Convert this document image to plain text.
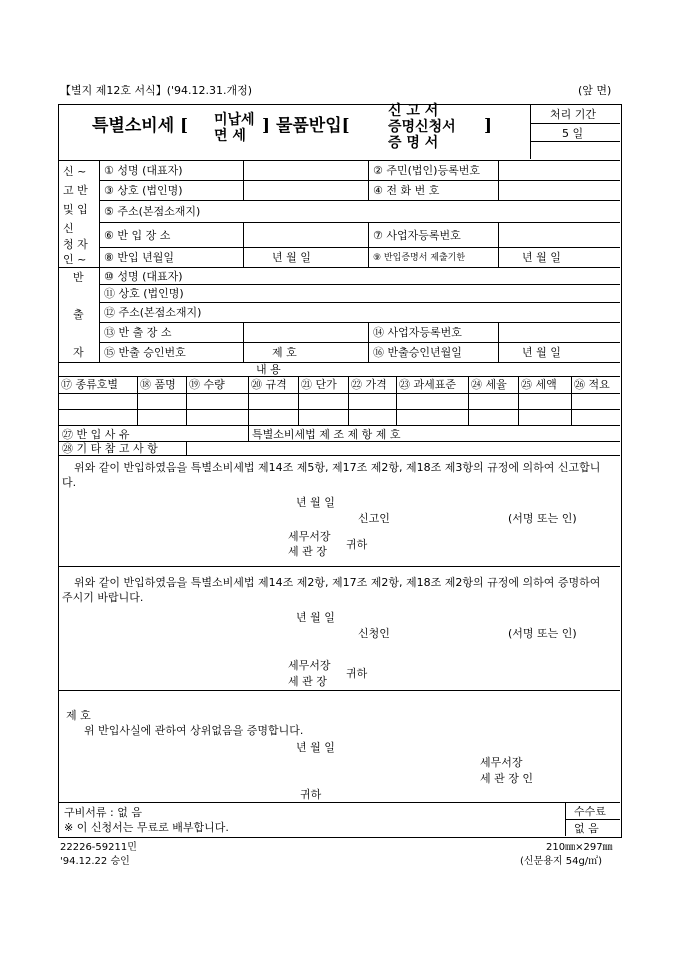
【별지 제12호 서식】('94.12.31.개정)	(앞 면)
특별소비세 [ 미납세
면 세 ] 물품반입[
신 고 서
증명신청서
증 명 서
]
처리 기간
5 일
신 ~
고 반
및 입
신
청 자
인 ~
① 성명 (대표자)	② 주민(법인)등록번호
③ 상호 (법인명)	④ 전 화 번 호
⑤ 주소(본점소재지)
⑥ 반 입 장 소	⑦ 사업자등록번호
⑧ 반입 년월일	년 월 일	⑨ 반입증명서 제출기한	년 월 일
반
출
자
⑩ 성명 (대표자)
⑪ 상호 (법인명)
⑫ 주소(본점소재지)
⑬ 반 출 장 소	⑭ 사업자등록번호
⑮ 반출 승인번호	제 호	⑯ 반출승인년월일	년 월 일
내 용
⑰ 종류호별 ⑱ 품명 ⑲ 수량 ⑳ 규격 ㉑ 단가 ㉒ 가격 ㉓ 과세표준 ㉔ 세율 ㉕ 세액 ㉖ 적요
㉗ 반 입 사 유	특별소비세법 제 조 제 항 제 호
㉘ 기 타 참 고 사 항
위와 같이 반입하였음을 특별소비세법 제14조 제5항, 제17조 제2항, 제18조 제3항의 규정에 의하여 신고합니다.
년 월 일
신고인	(서명 또는 인)
세무서장
세 관 장
귀하
위와 같이 반입하였음을 특별소비세법 제14조 제2항, 제17조 제2항, 제18조 제2항의 규정에 의하여 증명하여 주시기 바랍니다.
년 월 일
신청인	(서명 또는 인)
세무서장
세 관 장
귀하
제 호
위 반입사실에 관하여 상위없음을 증명합니다.
년 월 일
세무서장
세 관 장 인
귀하
구비서류 : 없 음
※ 이 신청서는 무료로 배부합니다.
수수료
없 음
22226-59211민
'94.12.22 승인
210㎜×297㎜
(신문용지 54g/㎡)
